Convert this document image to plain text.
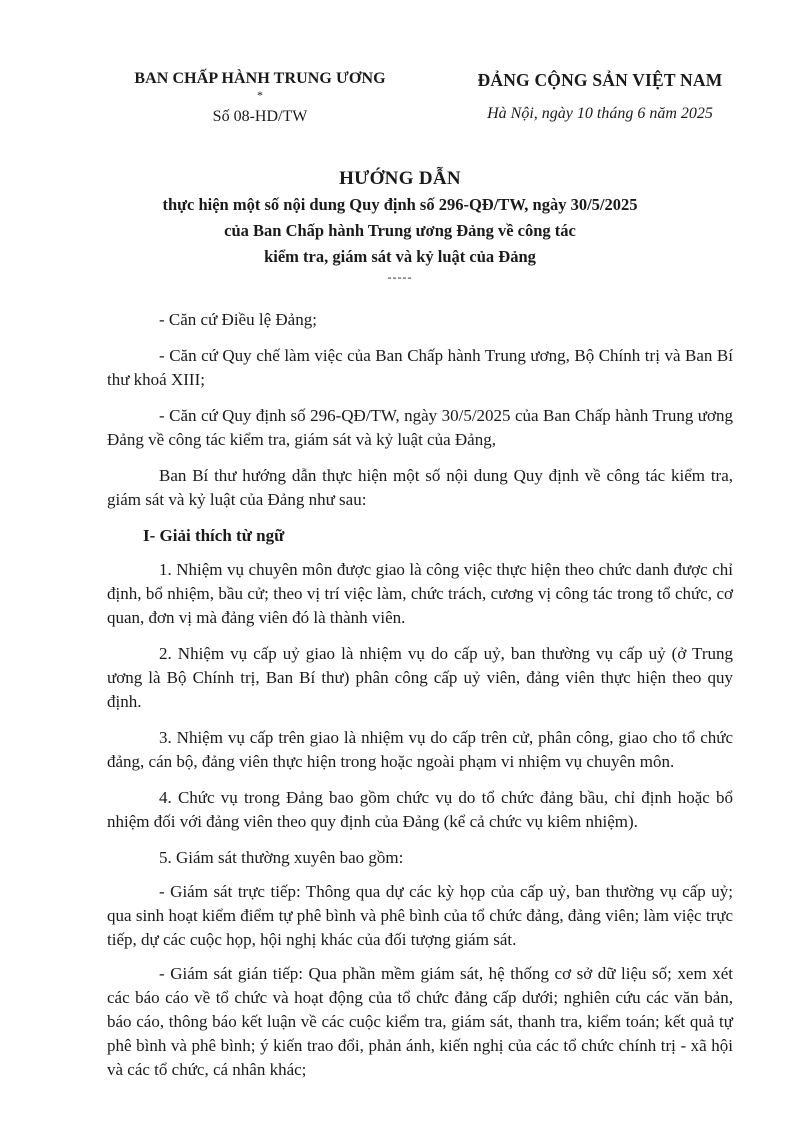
BAN CHẤP HÀNH TRUNG ƯƠNG
*
Số 08-HD/TW
ĐẢNG CỘNG SẢN VIỆT NAM
Hà Nội, ngày 10 tháng 6 năm 2025
HƯỚNG DẪN
thực hiện một số nội dung Quy định số 296-QĐ/TW, ngày 30/5/2025
của Ban Chấp hành Trung ương Đảng về công tác
kiểm tra, giám sát và kỷ luật của Đảng
-----

- Căn cứ Điều lệ Đảng;

- Căn cứ Quy chế làm việc của Ban Chấp hành Trung ương, Bộ Chính trị và Ban Bí thư khoá XIII;

- Căn cứ Quy định số 296-QĐ/TW, ngày 30/5/2025 của Ban Chấp hành Trung ương Đảng về công tác kiểm tra, giám sát và kỷ luật của Đảng,

Ban Bí thư hướng dẫn thực hiện một số nội dung Quy định về công tác kiểm tra, giám sát và kỷ luật của Đảng như sau:

I- Giải thích từ ngữ

1. Nhiệm vụ chuyên môn được giao là công việc thực hiện theo chức danh được chỉ định, bổ nhiệm, bầu cử; theo vị trí việc làm, chức trách, cương vị công tác trong tổ chức, cơ quan, đơn vị mà đảng viên đó là thành viên.

2. Nhiệm vụ cấp uỷ giao là nhiệm vụ do cấp uỷ, ban thường vụ cấp uỷ (ở Trung ương là Bộ Chính trị, Ban Bí thư) phân công cấp uỷ viên, đảng viên thực hiện theo quy định.

3. Nhiệm vụ cấp trên giao là nhiệm vụ do cấp trên cử, phân công, giao cho tổ chức đảng, cán bộ, đảng viên thực hiện trong hoặc ngoài phạm vi nhiệm vụ chuyên môn.

4. Chức vụ trong Đảng bao gồm chức vụ do tổ chức đảng bầu, chỉ định hoặc bổ nhiệm đối với đảng viên theo quy định của Đảng (kể cả chức vụ kiêm nhiệm).

5. Giám sát thường xuyên bao gồm:

- Giám sát trực tiếp: Thông qua dự các kỳ họp của cấp uỷ, ban thường vụ cấp uỷ; qua sinh hoạt kiểm điểm tự phê bình và phê bình của tổ chức đảng, đảng viên; làm việc trực tiếp, dự các cuộc họp, hội nghị khác của đối tượng giám sát.

- Giám sát gián tiếp: Qua phần mềm giám sát, hệ thống cơ sở dữ liệu số; xem xét các báo cáo về tổ chức và hoạt động của tổ chức đảng cấp dưới; nghiên cứu các văn bản, báo cáo, thông báo kết luận về các cuộc kiểm tra, giám sát, thanh tra, kiểm toán; kết quả tự phê bình và phê bình; ý kiến trao đổi, phản ánh, kiến nghị của các tổ chức chính trị - xã hội và các tổ chức, cá nhân khác;
